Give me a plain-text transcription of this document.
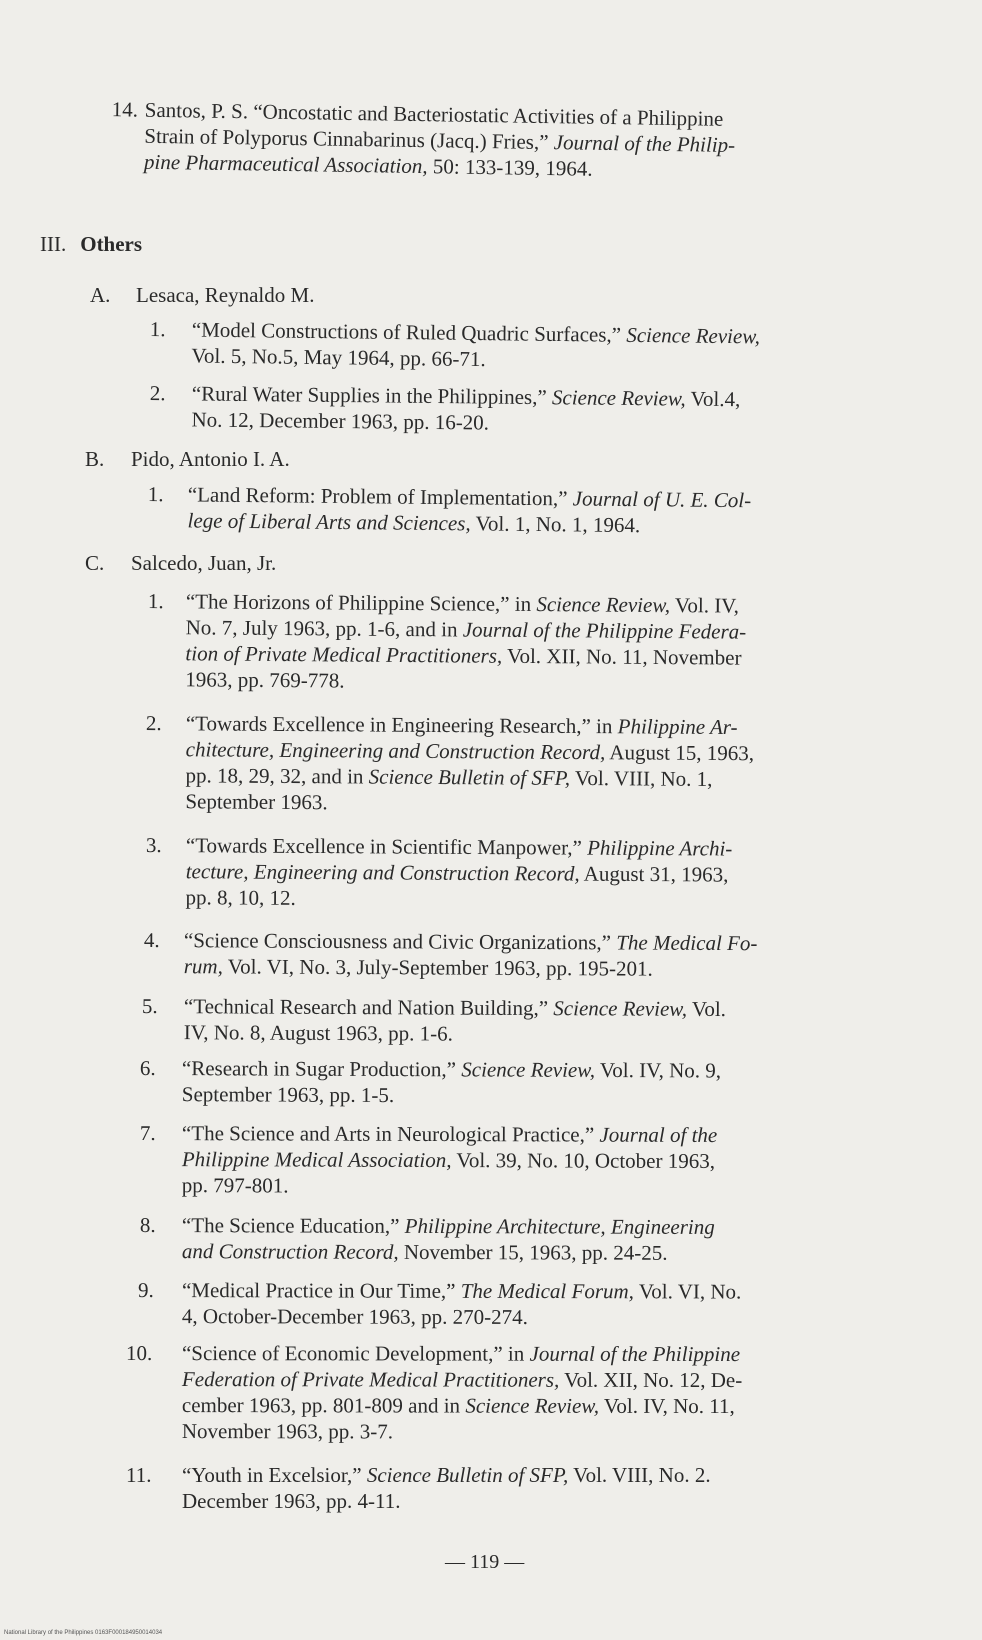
14. Santos, P. S. “Oncostatic and Bacteriostatic Activities of a Philippine
Strain of Polyporus Cinnabarinus (Jacq.) Fries,” Journal of the Philip-
pine Pharmaceutical Association, 50: 133-139, 1964.
III. Others
A. Lesaca, Reynaldo M.
1. “Model Constructions of Ruled Quadric Surfaces,” Science Review,
Vol. 5, No.5, May 1964, pp. 66-71.
2. “Rural Water Supplies in the Philippines,” Science Review, Vol.4,
No. 12, December 1963, pp. 16-20.
B. Pido, Antonio I. A.
1. “Land Reform: Problem of Implementation,” Journal of U. E. Col-
lege of Liberal Arts and Sciences, Vol. 1, No. 1, 1964.
C. Salcedo, Juan, Jr.
1. “The Horizons of Philippine Science,” in Science Review, Vol. IV,
No. 7, July 1963, pp. 1-6, and in Journal of the Philippine Federa-
tion of Private Medical Practitioners, Vol. XII, No. 11, November
1963, pp. 769-778.
2. “Towards Excellence in Engineering Research,” in Philippine Ar-
chitecture, Engineering and Construction Record, August 15, 1963,
pp. 18, 29, 32, and in Science Bulletin of SFP, Vol. VIII, No. 1,
September 1963.
3. “Towards Excellence in Scientific Manpower,” Philippine Archi-
tecture, Engineering and Construction Record, August 31, 1963,
pp. 8, 10, 12.
4. “Science Consciousness and Civic Organizations,” The Medical Fo-
rum, Vol. VI, No. 3, July-September 1963, pp. 195-201.
5. “Technical Research and Nation Building,” Science Review, Vol.
IV, No. 8, August 1963, pp. 1-6.
6. “Research in Sugar Production,” Science Review, Vol. IV, No. 9,
September 1963, pp. 1-5.
7. “The Science and Arts in Neurological Practice,” Journal of the
Philippine Medical Association, Vol. 39, No. 10, October 1963,
pp. 797-801.
8. “The Science Education,” Philippine Architecture, Engineering
and Construction Record, November 15, 1963, pp. 24-25.
9. “Medical Practice in Our Time,” The Medical Forum, Vol. VI, No.
4, October-December 1963, pp. 270-274.
10. “Science of Economic Development,” in Journal of the Philippine
Federation of Private Medical Practitioners, Vol. XII, No. 12, De-
cember 1963, pp. 801-809 and in Science Review, Vol. IV, No. 11,
November 1963, pp. 3-7.
11. “Youth in Excelsior,” Science Bulletin of SFP, Vol. VIII, No. 2.
December 1963, pp. 4-11.
— 119 —
National Library of the Philippines 0163F000184950014034
